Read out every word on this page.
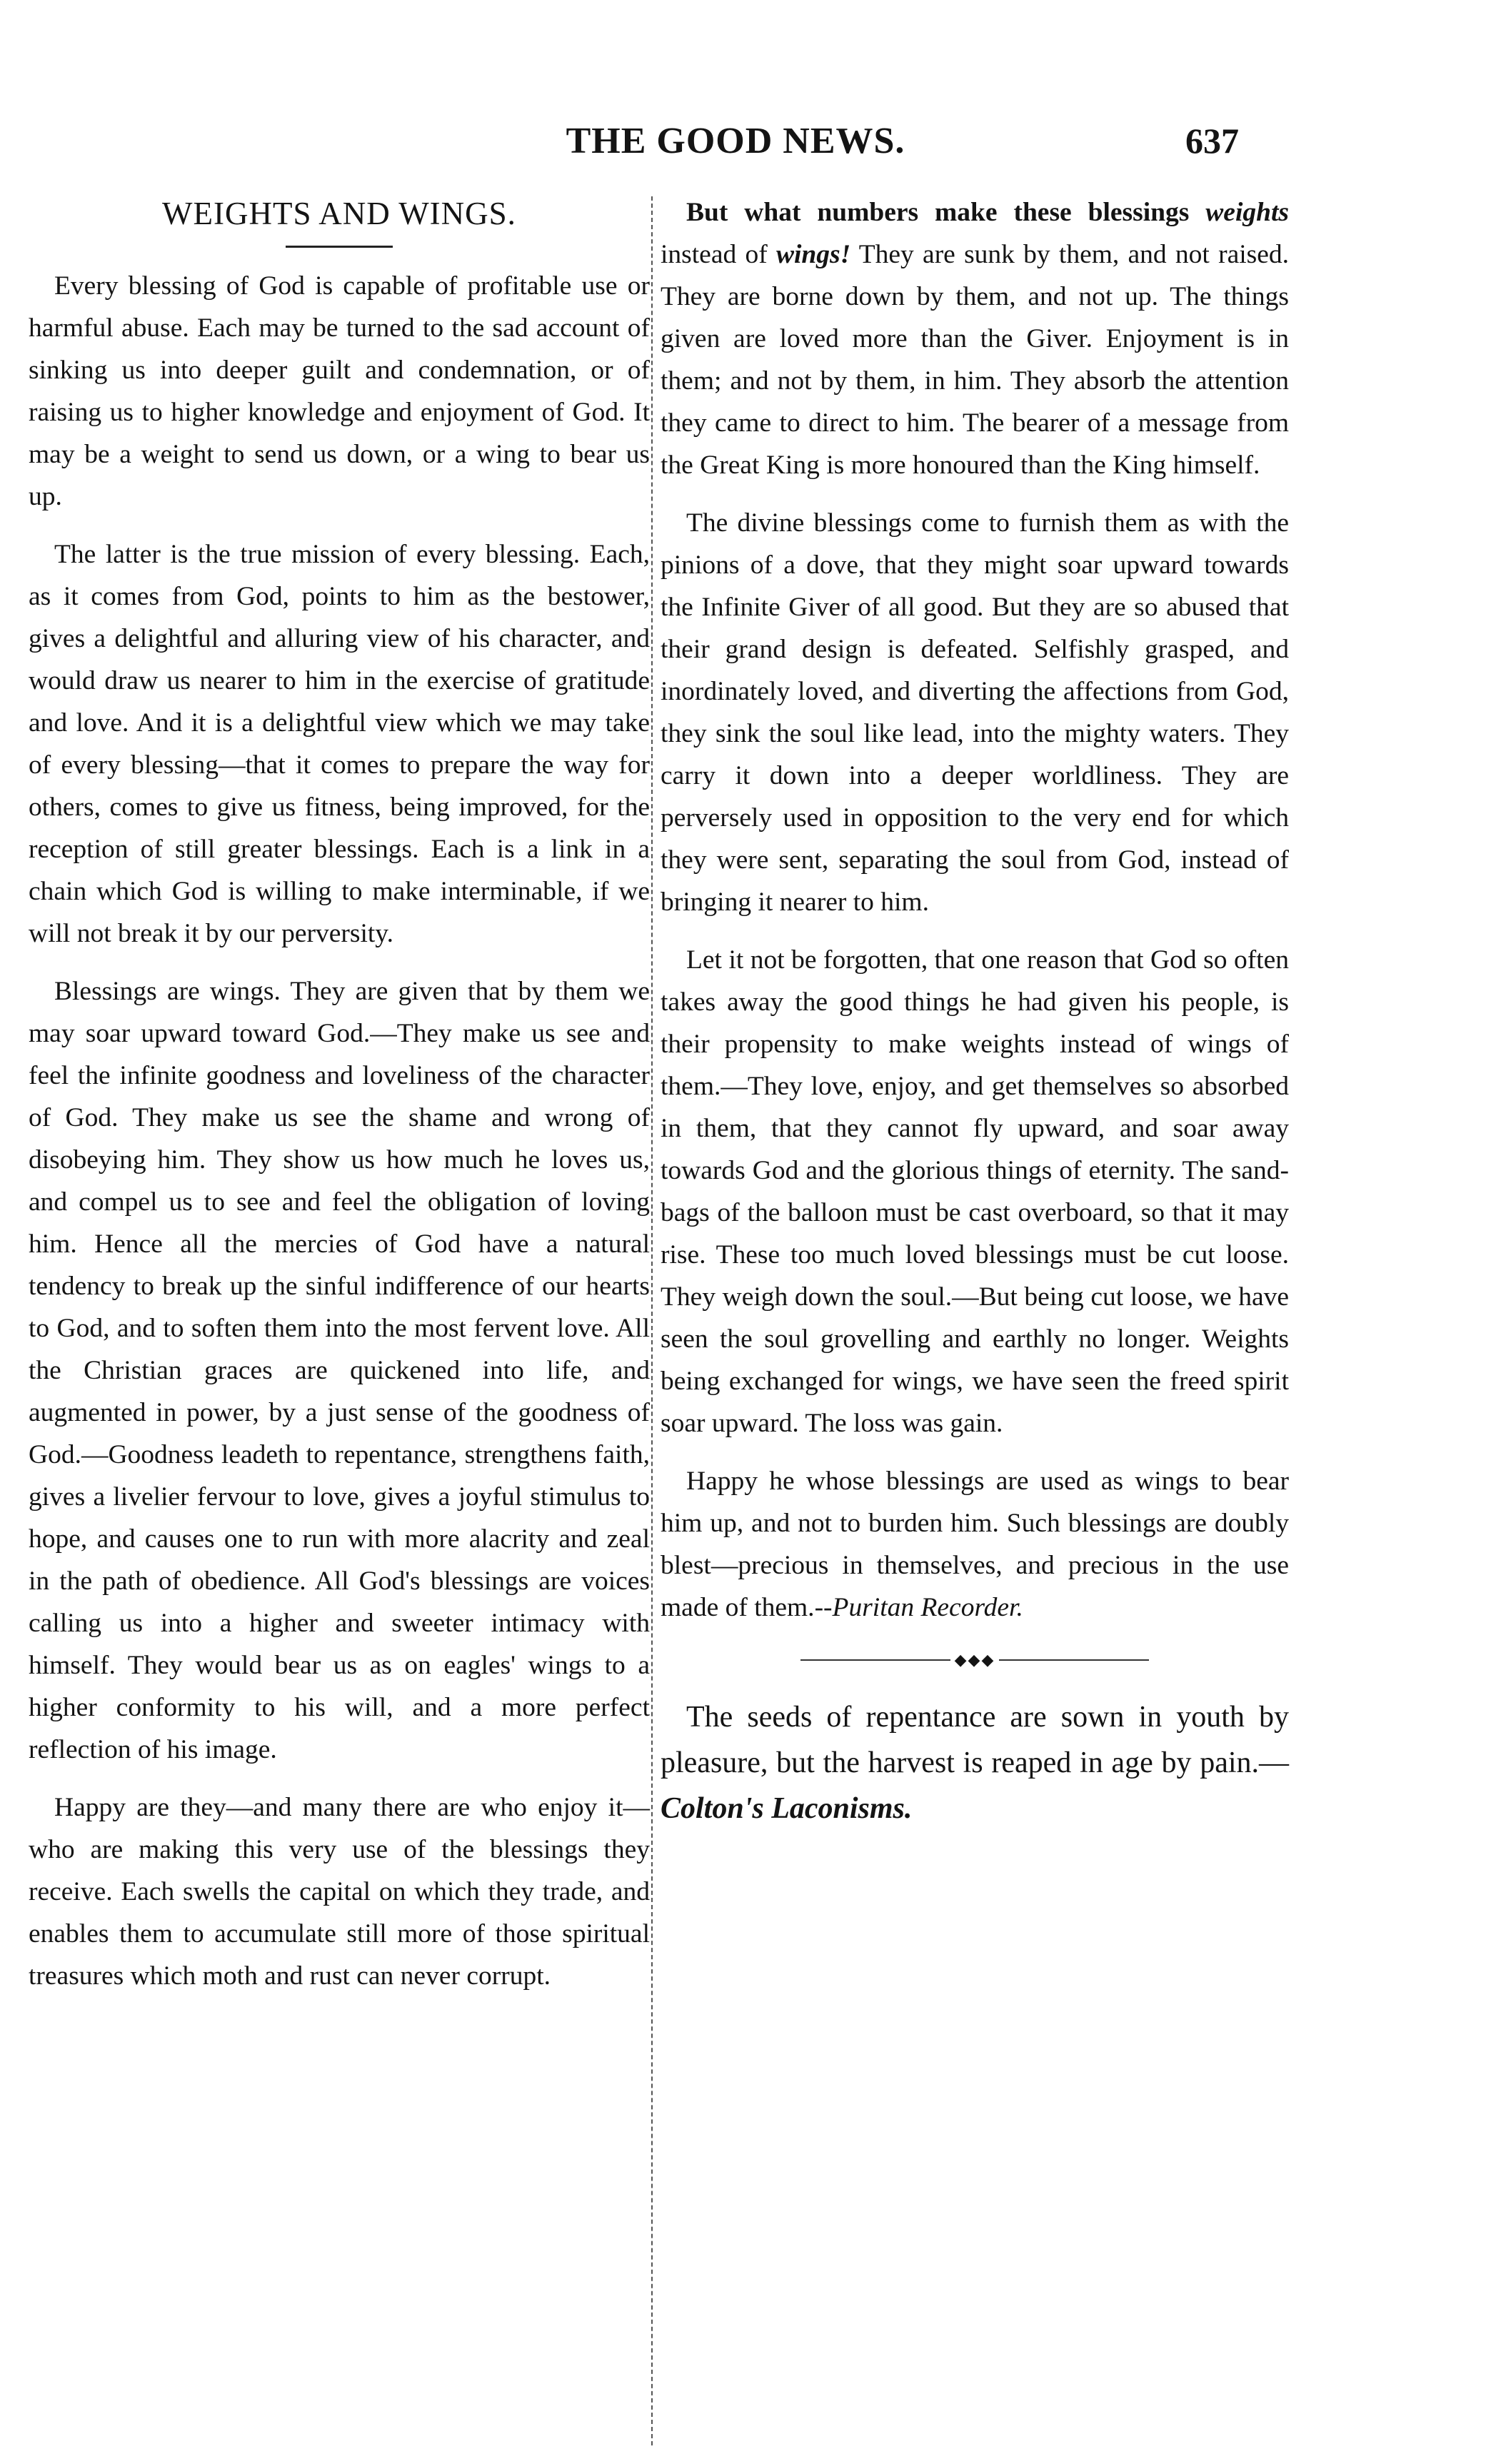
THE GOOD NEWS.	637
WEIGHTS AND WINGS.

Every blessing of God is capable of profitable use or harmful abuse. Each may be turned to the sad account of sinking us into deeper guilt and condemnation, or of raising us to higher knowledge and enjoyment of God. It may be a weight to send us down, or a wing to bear us up.

The latter is the true mission of every blessing. Each, as it comes from God, points to him as the bestower, gives a delightful and alluring view of his character, and would draw us nearer to him in the exercise of gratitude and love. And it is a delightful view which we may take of every blessing—that it comes to prepare the way for others, comes to give us fitness, being improved, for the reception of still greater blessings. Each is a link in a chain which God is willing to make interminable, if we will not break it by our perversity.

Blessings are wings. They are given that by them we may soar upward toward God.—They make us see and feel the infinite goodness and loveliness of the character of God. They make us see the shame and wrong of disobeying him. They show us how much he loves us, and compel us to see and feel the obligation of loving him. Hence all the mercies of God have a natural tendency to break up the sinful indifference of our hearts to God, and to soften them into the most fervent love. All the Christian graces are quickened into life, and augmented in power, by a just sense of the goodness of God.—Goodness leadeth to repentance, strengthens faith, gives a livelier fervour to love, gives a joyful stimulus to hope, and causes one to run with more alacrity and zeal in the path of obedience. All God's blessings are voices calling us into a higher and sweeter intimacy with himself. They would bear us as on eagles' wings to a higher conformity to his will, and a more perfect reflection of his image.

Happy are they—and many there are who enjoy it—who are making this very use of the blessings they receive. Each swells the capital on which they trade, and enables them to accumulate still more of those spiritual treasures which moth and rust can never corrupt.

But what numbers make these blessings weights instead of wings! They are sunk by them, and not raised. They are borne down by them, and not up. The things given are loved more than the Giver. Enjoyment is in them; and not by them, in him. They absorb the attention they came to direct to him. The bearer of a message from the Great King is more honoured than the King himself.

The divine blessings come to furnish them as with the pinions of a dove, that they might soar upward towards the Infinite Giver of all good. But they are so abused that their grand design is defeated. Selfishly grasped, and inordinately loved, and diverting the affections from God, they sink the soul like lead, into the mighty waters. They carry it down into a deeper worldliness. They are perversely used in opposition to the very end for which they were sent, separating the soul from God, instead of bringing it nearer to him.

Let it not be forgotten, that one reason that God so often takes away the good things he had given his people, is their propensity to make weights instead of wings of them.—They love, enjoy, and get themselves so absorbed in them, that they cannot fly upward, and soar away towards God and the glorious things of eternity. The sand-bags of the balloon must be cast overboard, so that it may rise. These too much loved blessings must be cut loose. They weigh down the soul.—But being cut loose, we have seen the soul grovelling and earthly no longer. Weights being exchanged for wings, we have seen the freed spirit soar upward. The loss was gain.

Happy he whose blessings are used as wings to bear him up, and not to burden him. Such blessings are doubly blest—precious in themselves, and precious in the use made of them.--Puritan Recorder.

◆◆◆

The seeds of repentance are sown in youth by pleasure, but the harvest is reaped in age by pain.—Colton's Laconisms.
